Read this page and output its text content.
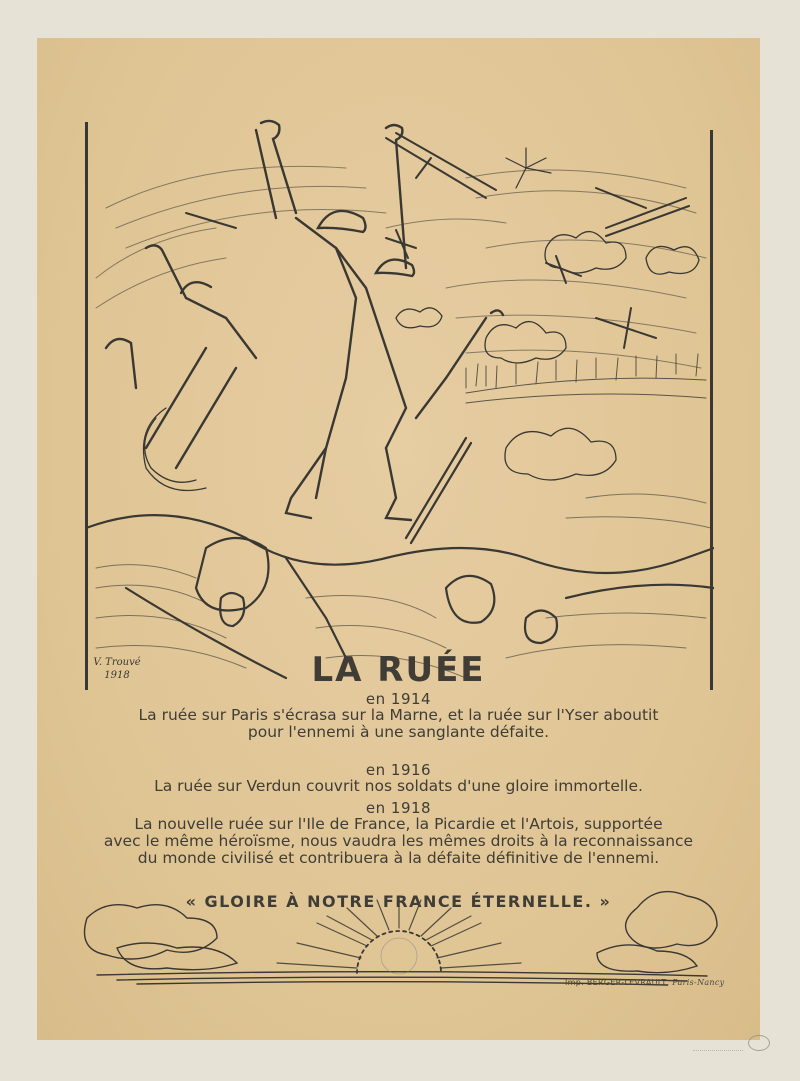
V. Trouvé
1918	LA RUÉE
en 1914
La ruée sur Paris s'écrasa sur la Marne, et la ruée sur l'Yser aboutit
pour l'ennemi à une sanglante défaite.
en 1916
La ruée sur Verdun couvrit nos soldats d'une gloire immortelle.
en 1918
La nouvelle ruée sur l'Ile de France, la Picardie et l'Artois, supportée
avec le même héroïsme, nous vaudra les mêmes droits à la reconnaissance
du monde civilisé et contribuera à la défaite définitive de l'ennemi.
« GLOIRE À NOTRE FRANCE ÉTERNELLE. »
Imp. BERGER-LEVRAULT, Paris-Nancy
